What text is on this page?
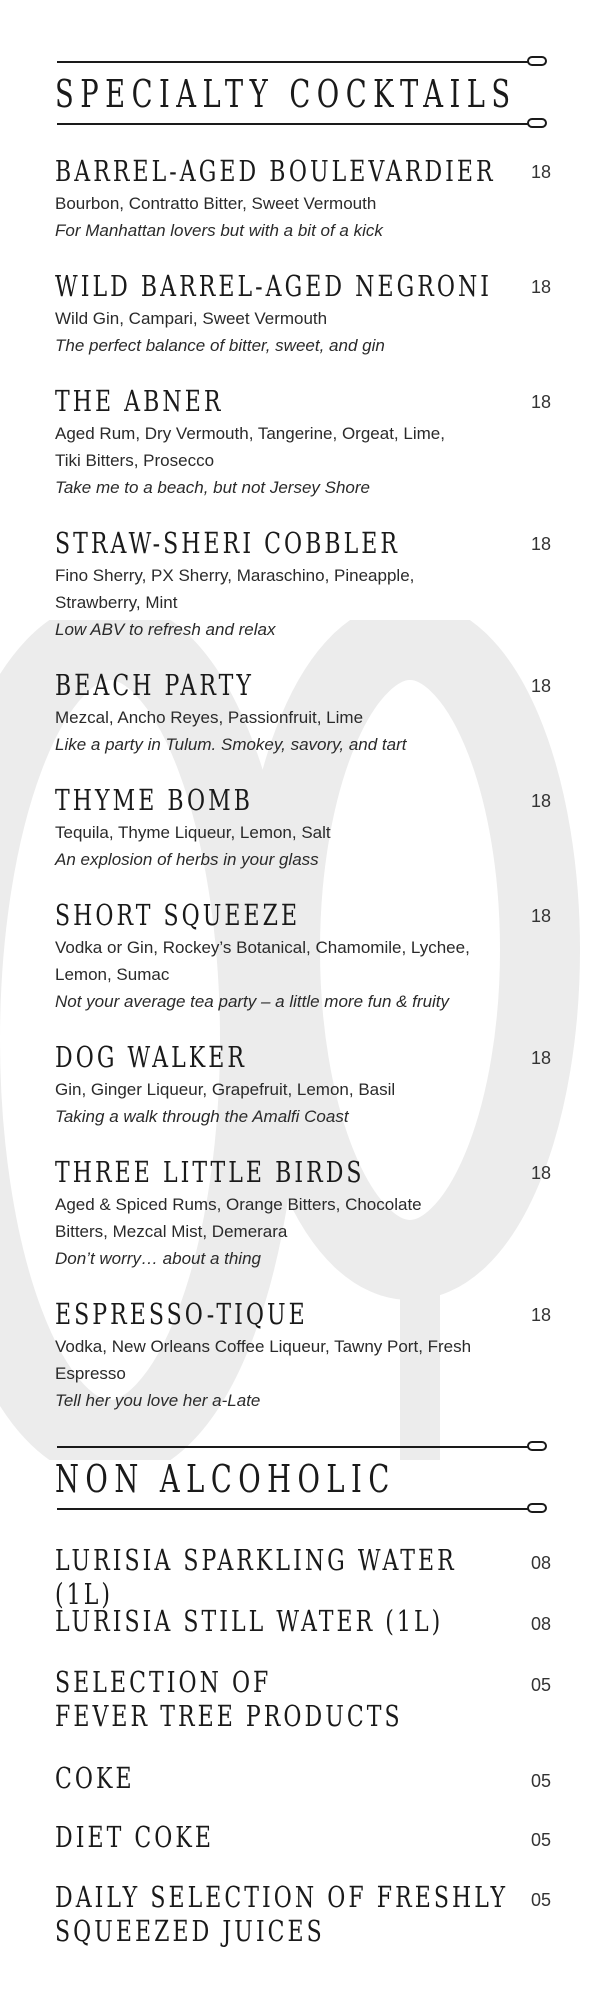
SPECIALTY COCKTAILS
BARREL-AGED BOULEVARDIER 18
Bourbon, Contratto Bitter, Sweet Vermouth
For Manhattan lovers but with a bit of a kick
WILD BARREL-AGED NEGRONI 18
Wild Gin, Campari, Sweet Vermouth
The perfect balance of bitter, sweet, and gin
THE ABNER	18
Aged Rum, Dry Vermouth, Tangerine, Orgeat, Lime, Tiki Bitters, Prosecco
Take me to a beach, but not Jersey Shore
STRAW-SHERI COBBLER	18
Fino Sherry, PX Sherry, Maraschino, Pineapple, Strawberry, Mint
Low ABV to refresh and relax
BEACH PARTY	18
Mezcal, Ancho Reyes, Passionfruit, Lime
Like a party in Tulum. Smokey, savory, and tart
THYME BOMB	18
Tequila, Thyme Liqueur, Lemon, Salt
An explosion of herbs in your glass
SHORT SQUEEZE	18
Vodka or Gin, Rockey’s Botanical, Chamomile, Lychee, Lemon, Sumac
Not your average tea party – a little more fun & fruity
DOG WALKER	18
Gin, Ginger Liqueur, Grapefruit, Lemon, Basil
Taking a walk through the Amalfi Coast
THREE LITTLE BIRDS	18
Aged & Spiced Rums, Orange Bitters, Chocolate Bitters, Mezcal Mist, Demerara
Don’t worry… about a thing
ESPRESSO-TIQUE	18
Vodka, New Orleans Coffee Liqueur, Tawny Port, Fresh Espresso
Tell her you love her a-Late
NON ALCOHOLIC
LURISIA SPARKLING WATER (1L)
08
LURISIA STILL WATER (1L)	08
SELECTION OF
FEVER TREE PRODUCTS
05
COKE	05
DIET COKE	05
DAILY SELECTION OF FRESHLY
SQUEEZED JUICES
05
